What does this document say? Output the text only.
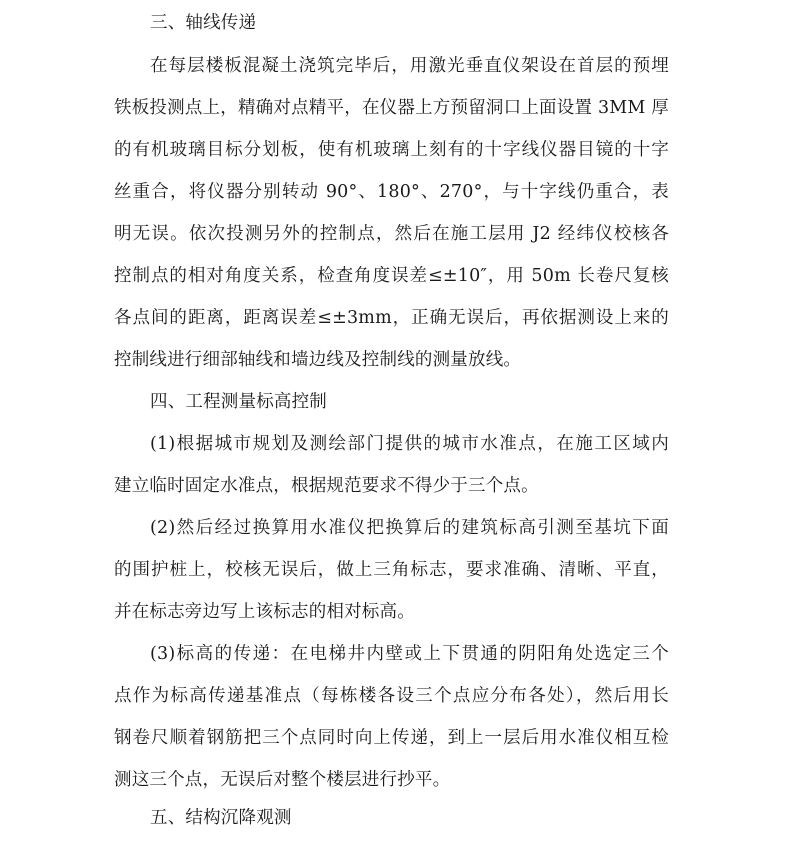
三、轴线传递
在每层楼板混凝土浇筑完毕后，用激光垂直仪架设在首层的预埋
铁板投测点上，精确对点精平，在仪器上方预留洞口上面设置 3MM 厚
的有机玻璃目标分划板，使有机玻璃上刻有的十字线仪器目镜的十字
丝重合，将仪器分别转动 90°、180°、270°，与十字线仍重合，表
明无误。依次投测另外的控制点，然后在施工层用 J2 经纬仪校核各
控制点的相对角度关系，检查角度误差≤±10″，用 50m 长卷尺复核
各点间的距离，距离误差≤±3mm，正确无误后，再依据测设上来的
控制线进行细部轴线和墙边线及控制线的测量放线。
四、工程测量标高控制
(1)根据城市规划及测绘部门提供的城市水准点，在施工区域内
建立临时固定水准点，根据规范要求不得少于三个点。
(2)然后经过换算用水准仪把换算后的建筑标高引测至基坑下面
的围护桩上，校核无误后，做上三角标志，要求准确、清晰、平直，
并在标志旁边写上该标志的相对标高。
(3)标高的传递：在电梯井内壁或上下贯通的阴阳角处选定三个
点作为标高传递基准点（每栋楼各设三个点应分布各处），然后用长
钢卷尺顺着钢筋把三个点同时向上传递，到上一层后用水准仪相互检
测这三个点，无误后对整个楼层进行抄平。
五、结构沉降观测
